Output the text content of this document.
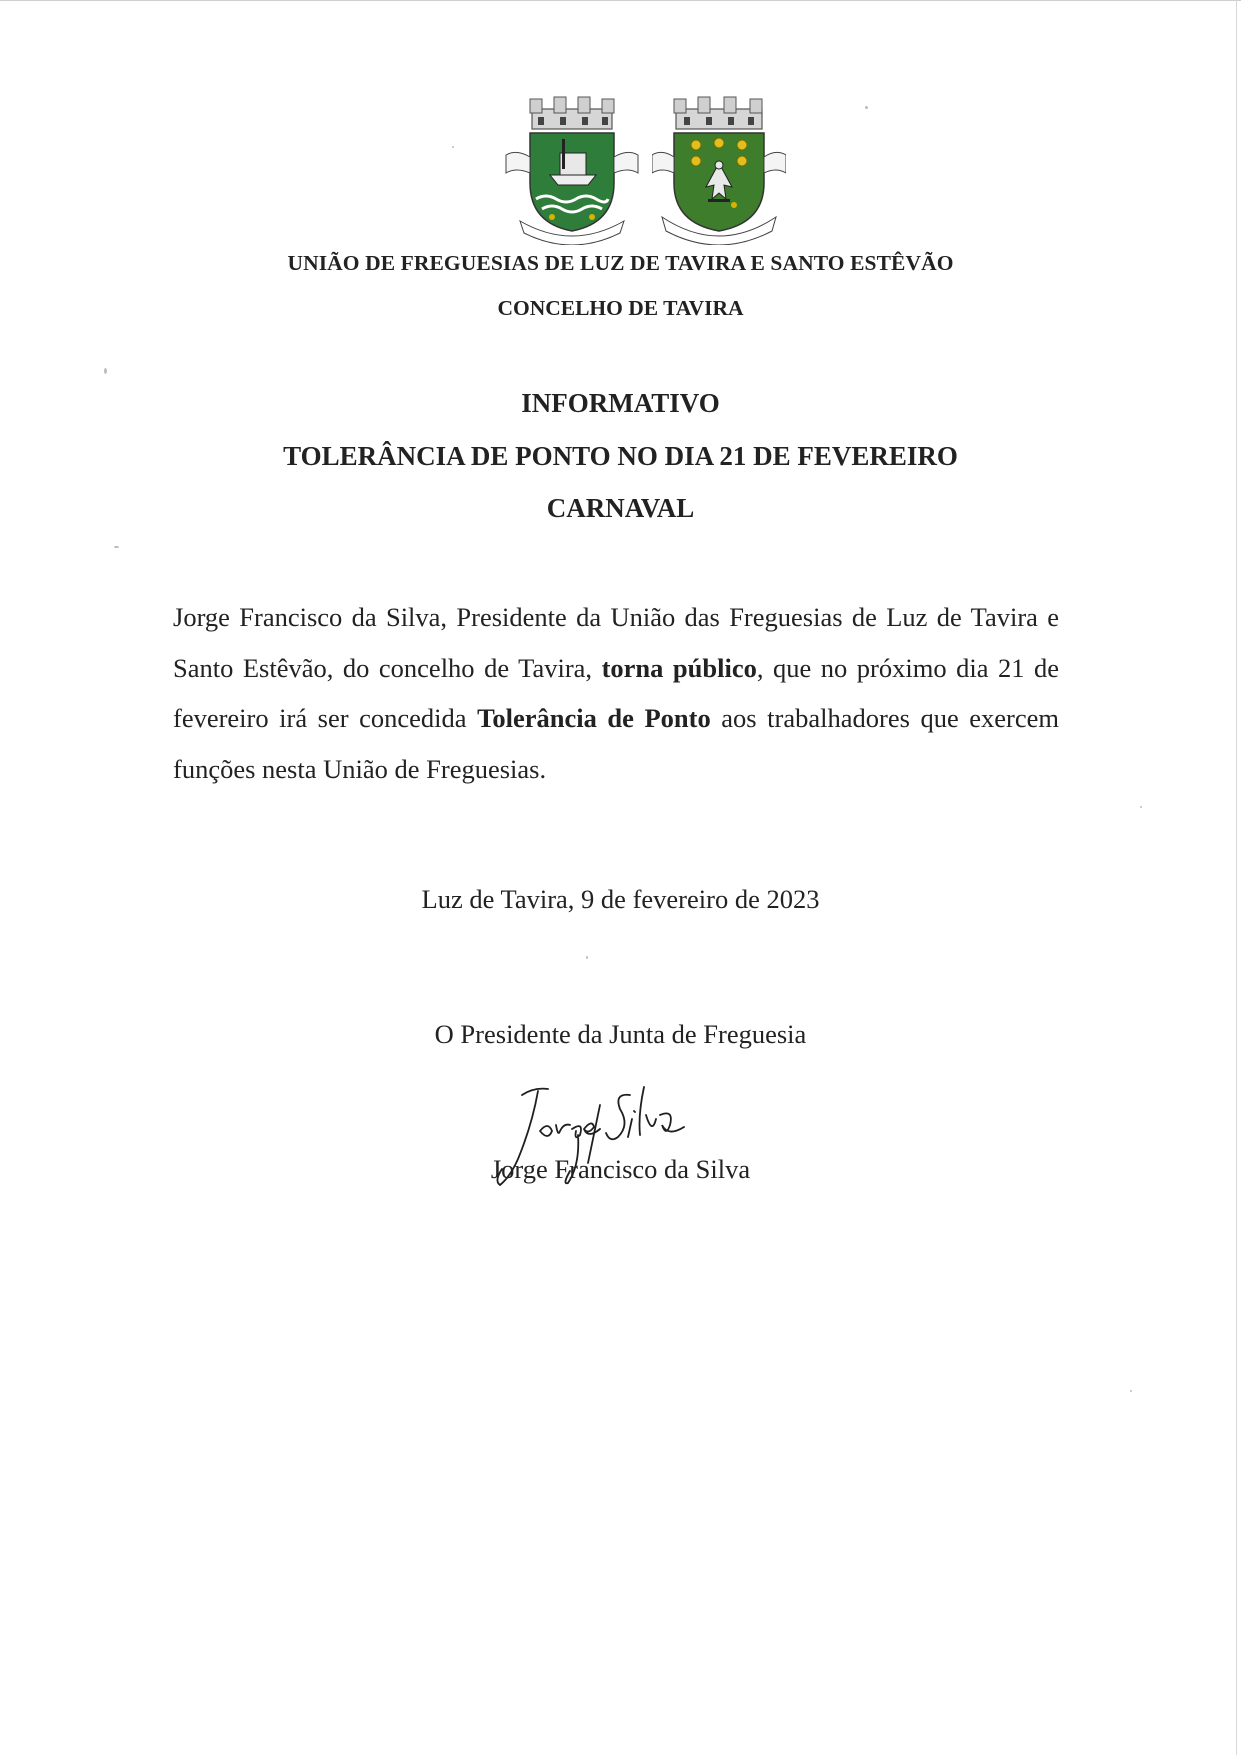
UNIÃO DE FREGUESIAS DE LUZ DE TAVIRA E SANTO ESTÊVÃO
CONCELHO DE TAVIRA
INFORMATIVO
TOLERÂNCIA DE PONTO NO DIA 21 DE FEVEREIRO
CARNAVAL

Jorge Francisco da Silva, Presidente da União das Freguesias de Luz de Tavira e Santo Estêvão, do concelho de Tavira, torna público, que no próximo dia 21 de fevereiro irá ser concedida Tolerância de Ponto aos trabalhadores que exercem funções nesta União de Freguesias.

Luz de Tavira, 9 de fevereiro de 2023
O Presidente da Junta de Freguesia
Jorge Francisco da Silva
